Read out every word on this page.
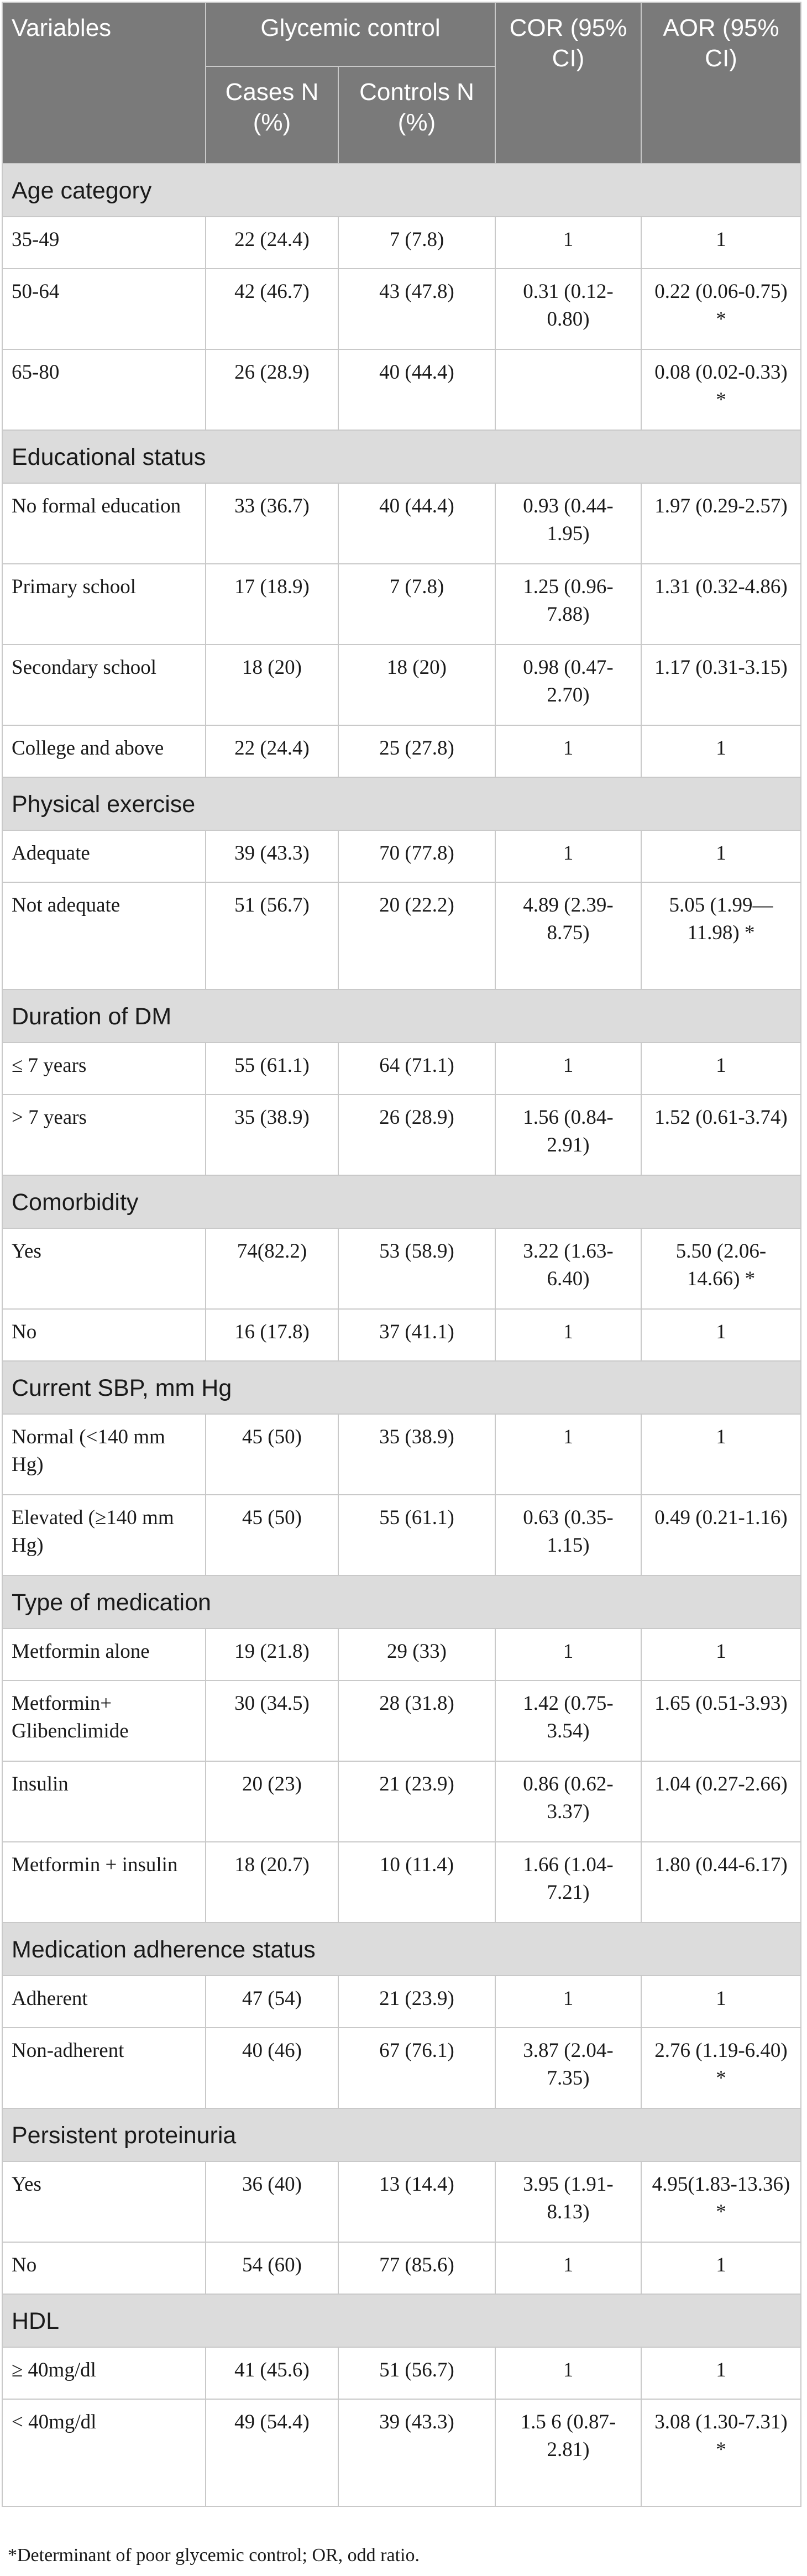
Variables	Glycemic control		COR (95% CI)	AOR (95% CI)
	Cases N (%)	Controls N (%)		
Age category				
35-49	22 (24.4)	7 (7.8)	1	1
50-64	42 (46.7)	43 (47.8)	0.31 (0.12-0.80)	0.22 (0.06-0.75) *
65-80	26 (28.9)	40 (44.4)		0.08 (0.02-0.33) *
Educational status				
No formal education	33 (36.7)	40 (44.4)	0.93 (0.44-1.95)	1.97 (0.29-2.57)
Primary school	17 (18.9)	7 (7.8)	1.25 (0.96-7.88)	1.31 (0.32-4.86)
Secondary school	18 (20)	18 (20)	0.98 (0.47-2.70)	1.17 (0.31-3.15)
College and above	22 (24.4)	25 (27.8)	1	1
Physical exercise				
Adequate	39 (43.3)	70 (77.8)	1	1
Not adequate	51 (56.7)	20 (22.2)	4.89 (2.39-8.75)	5.05 (1.99—11.98) *
Duration of DM				
≤ 7 years	55 (61.1)	64 (71.1)	1	1
> 7 years	35 (38.9)	26 (28.9)	1.56 (0.84-2.91)	1.52 (0.61-3.74)
Comorbidity				
Yes	74(82.2)	53 (58.9)	3.22 (1.63-6.40)	5.50 (2.06-14.66) *
No	16 (17.8)	37 (41.1)	1	1
Current SBP, mm Hg				
Normal (<140 mm Hg)	45 (50)	35 (38.9)	1	1
Elevated (≥140 mm Hg)	45 (50)	55 (61.1)	0.63 (0.35-1.15)	0.49 (0.21-1.16)
Type of medication				
Metformin alone	19 (21.8)	29 (33)	1	1
Metformin+ Glibenclimide	30 (34.5)	28 (31.8)	1.42 (0.75-3.54)	1.65 (0.51-3.93)
Insulin	20 (23)	21 (23.9)	0.86 (0.62-3.37)	1.04 (0.27-2.66)
Metformin + insulin	18 (20.7)	10 (11.4)	1.66 (1.04-7.21)	1.80 (0.44-6.17)
Medication adherence status				
Adherent	47 (54)	21 (23.9)	1	1
Non-adherent	40 (46)	67 (76.1)	3.87 (2.04-7.35)	2.76 (1.19-6.40) *
Persistent proteinuria				
Yes	36 (40)	13 (14.4)	3.95 (1.91-8.13)	4.95(1.83-13.36) *
No	54 (60)	77 (85.6)	1	1
HDL				
≥ 40mg/dl	41 (45.6)	51 (56.7)	1	1
< 40mg/dl	49 (54.4)	39 (43.3)	1.5 6 (0.87-2.81)	3.08 (1.30-7.31) *
*Determinant of poor glycemic control; OR, odd ratio.
